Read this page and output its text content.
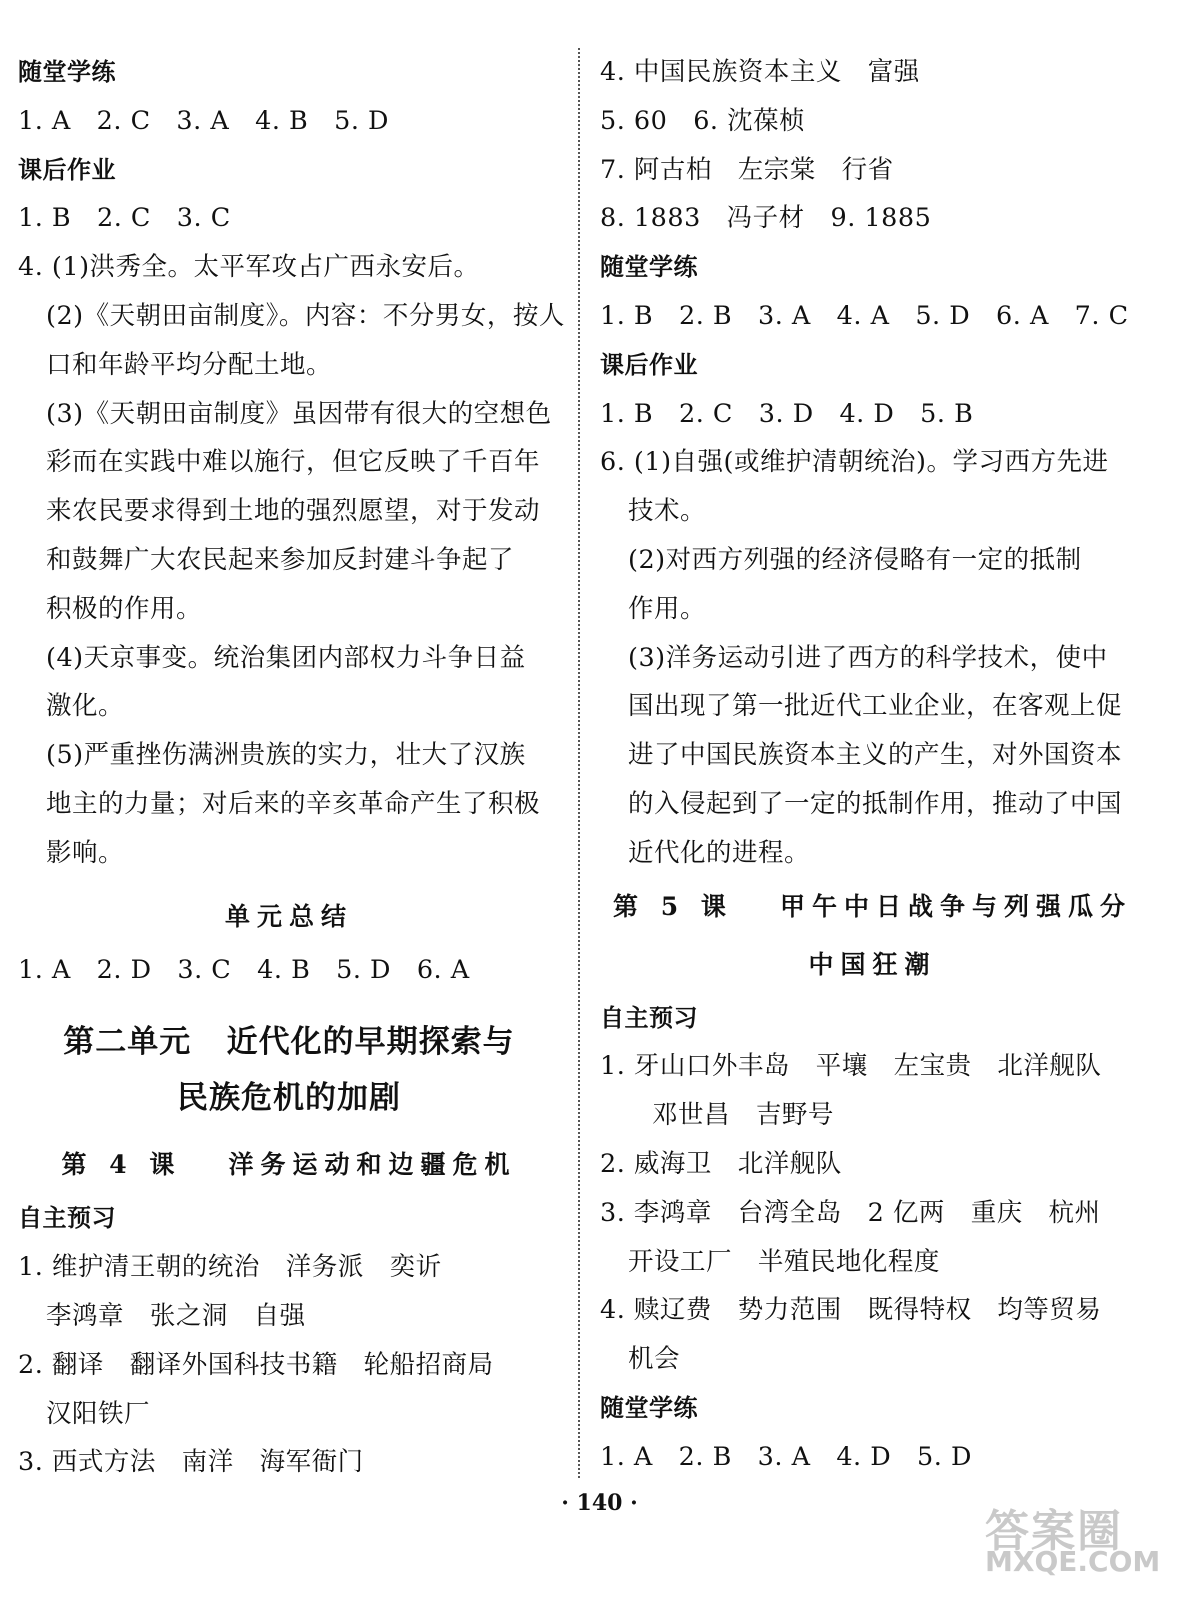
随堂学练
1. A   2. C   3. A   4. B   5. D
课后作业
1. B   2. C   3. C
4. (1)洪秀全。太平军攻占广西永安后。
(2)《天朝田亩制度》。内容：不分男女，按人
口和年龄平均分配土地。
(3)《天朝田亩制度》虽因带有很大的空想色
彩而在实践中难以施行，但它反映了千百年
来农民要求得到土地的强烈愿望，对于发动
和鼓舞广大农民起来参加反封建斗争起了
积极的作用。
(4)天京事变。统治集团内部权力斗争日益
激化。
(5)严重挫伤满洲贵族的实力，壮大了汉族
地主的力量；对后来的辛亥革命产生了积极
影响。
单元总结
1. A   2. D   3. C   4. B   5. D   6. A
第二单元   近代化的早期探索与
民族危机的加剧
第 4 课   洋务运动和边疆危机
自主预习
1. 维护清王朝的统治   洋务派   奕䜣
李鸿章   张之洞   自强
2. 翻译   翻译外国科技书籍   轮船招商局
汉阳铁厂
3. 西式方法   南洋   海军衙门
4. 中国民族资本主义   富强
5. 60   6. 沈葆桢
7. 阿古柏   左宗棠   行省
8. 1883   冯子材   9. 1885
随堂学练
1. B   2. B   3. A   4. A   5. D   6. A   7. C
课后作业
1. B   2. C   3. D   4. D   5. B
6. (1)自强(或维护清朝统治)。学习西方先进
技术。
(2)对西方列强的经济侵略有一定的抵制
作用。
(3)洋务运动引进了西方的科学技术，使中
国出现了第一批近代工业企业，在客观上促
进了中国民族资本主义的产生，对外国资本
的入侵起到了一定的抵制作用，推动了中国
近代化的进程。
第 5 课   甲午中日战争与列强瓜分
中国狂潮
自主预习
1. 牙山口外丰岛   平壤   左宝贵   北洋舰队
邓世昌   吉野号
2. 威海卫   北洋舰队
3. 李鸿章   台湾全岛   2 亿两   重庆   杭州
开设工厂   半殖民地化程度
4. 赎辽费   势力范围   既得特权   均等贸易
机会
随堂学练
1. A   2. B   3. A   4. D   5. D
· 140 ·
答案圈
MXQE.COM
